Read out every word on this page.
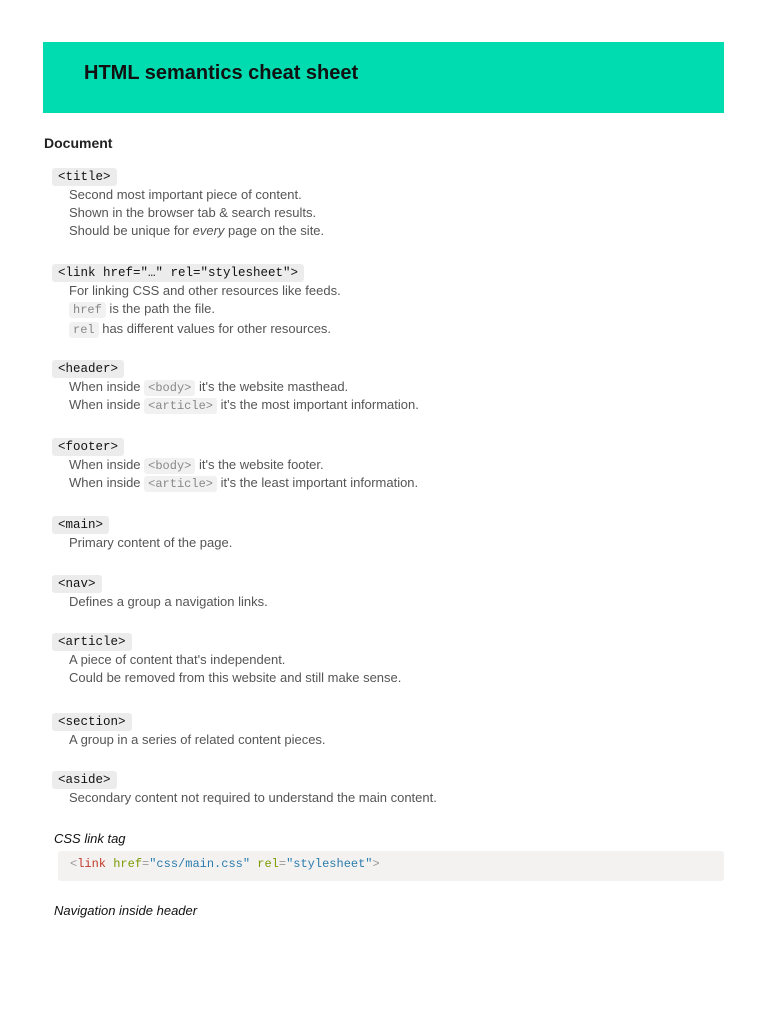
HTML semantics cheat sheet
Document
<title>
Second most important piece of content.
Shown in the browser tab & search results.
Should be unique for every page on the site.
<link href="…" rel="stylesheet">
For linking CSS and other resources like feeds.
href is the path the file.
rel has different values for other resources.
<header>
When inside <body> it's the website masthead.
When inside <article> it's the most important information.
<footer>
When inside <body> it's the website footer.
When inside <article> it's the least important information.
<main>
Primary content of the page.
<nav>
Defines a group a navigation links.
<article>
A piece of content that's independent.
Could be removed from this website and still make sense.
<section>
A group in a series of related content pieces.
<aside>
Secondary content not required to understand the main content.

CSS link tag

<link href="css/main.css" rel="stylesheet">

Navigation inside header
